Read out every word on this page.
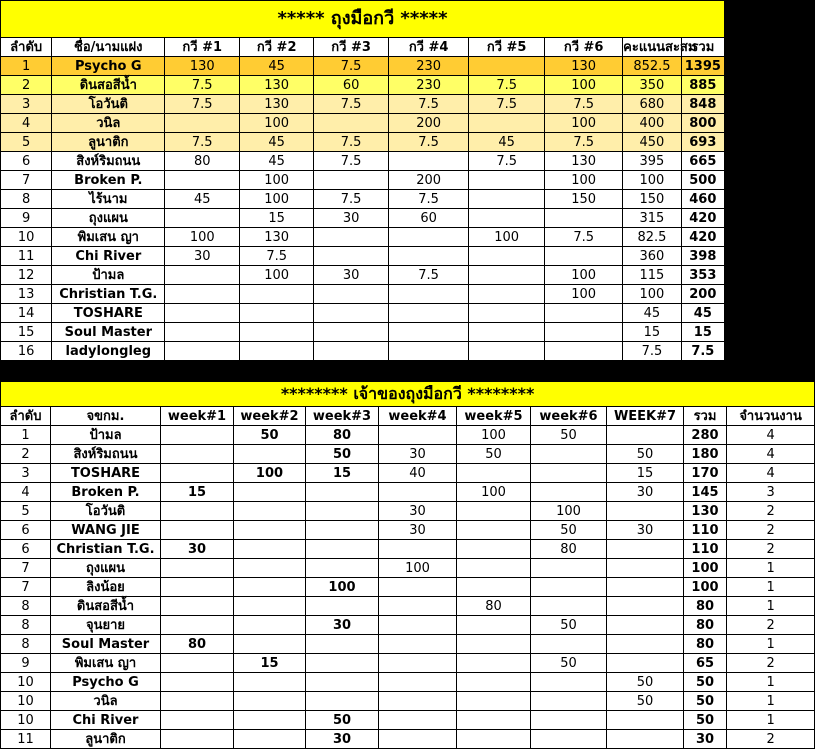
***** ถุงมือกวี *****									
ลำดับ	ชื่อ/นามแฝง	กวี #1	กวี #2	กวี #3	กวี #4	กวี #5	กวี #6	คะแนนสะสม	รวม
1	Psycho G	130	45	7.5	230		130	852.5	1395
2	ดินสอสีน้ำ	7.5	130	60	230	7.5	100	350	885
3	โอวันติ	7.5	130	7.5	7.5	7.5	7.5	680	848
4	วนิล		100		200		100	400	800
5	ลูนาติก	7.5	45	7.5	7.5	45	7.5	450	693
6	สิงห์ริมถนน	80	45	7.5		7.5	130	395	665
7	Broken P.		100		200		100	100	500
8	ไร้นาม	45	100	7.5	7.5		150	150	460
9	ถุงแผน		15	30	60			315	420
10	พิมเสน ญา	100	130			100	7.5	82.5	420
11	Chi River	30	7.5					360	398
12	ป้ามล		100	30	7.5		100	115	353
13	Christian T.G.						100	100	200
14	TOSHARE							45	45
15	Soul Master							15	15
16	ladylongleg							7.5	7.5
******** เจ้าของถุงมือกวี ********										
ลำดับ	จขกม.	week#1	week#2	week#3	week#4	week#5	week#6	WEEK#7	รวม	จำนวนงาน
1	ป้ามล		50	80		100	50		280	4
2	สิงห์ริมถนน			50	30	50		50	180	4
3	TOSHARE		100	15	40			15	170	4
4	Broken P.	15				100		30	145	3
5	โอวันติ				30		100		130	2
6	WANG JIE				30		50	30	110	2
6	Christian T.G.	30					80		110	2
7	ถุงแผน				100				100	1
7	ลิงน้อย			100					100	1
8	ดินสอสีน้ำ					80			80	1
8	จุนยาย			30			50		80	2
8	Soul Master	80							80	1
9	พิมเสน ญา		15				50		65	2
10	Psycho G							50	50	1
10	วนิล							50	50	1
10	Chi River			50					50	1
11	ลูนาติก			30					30	2
